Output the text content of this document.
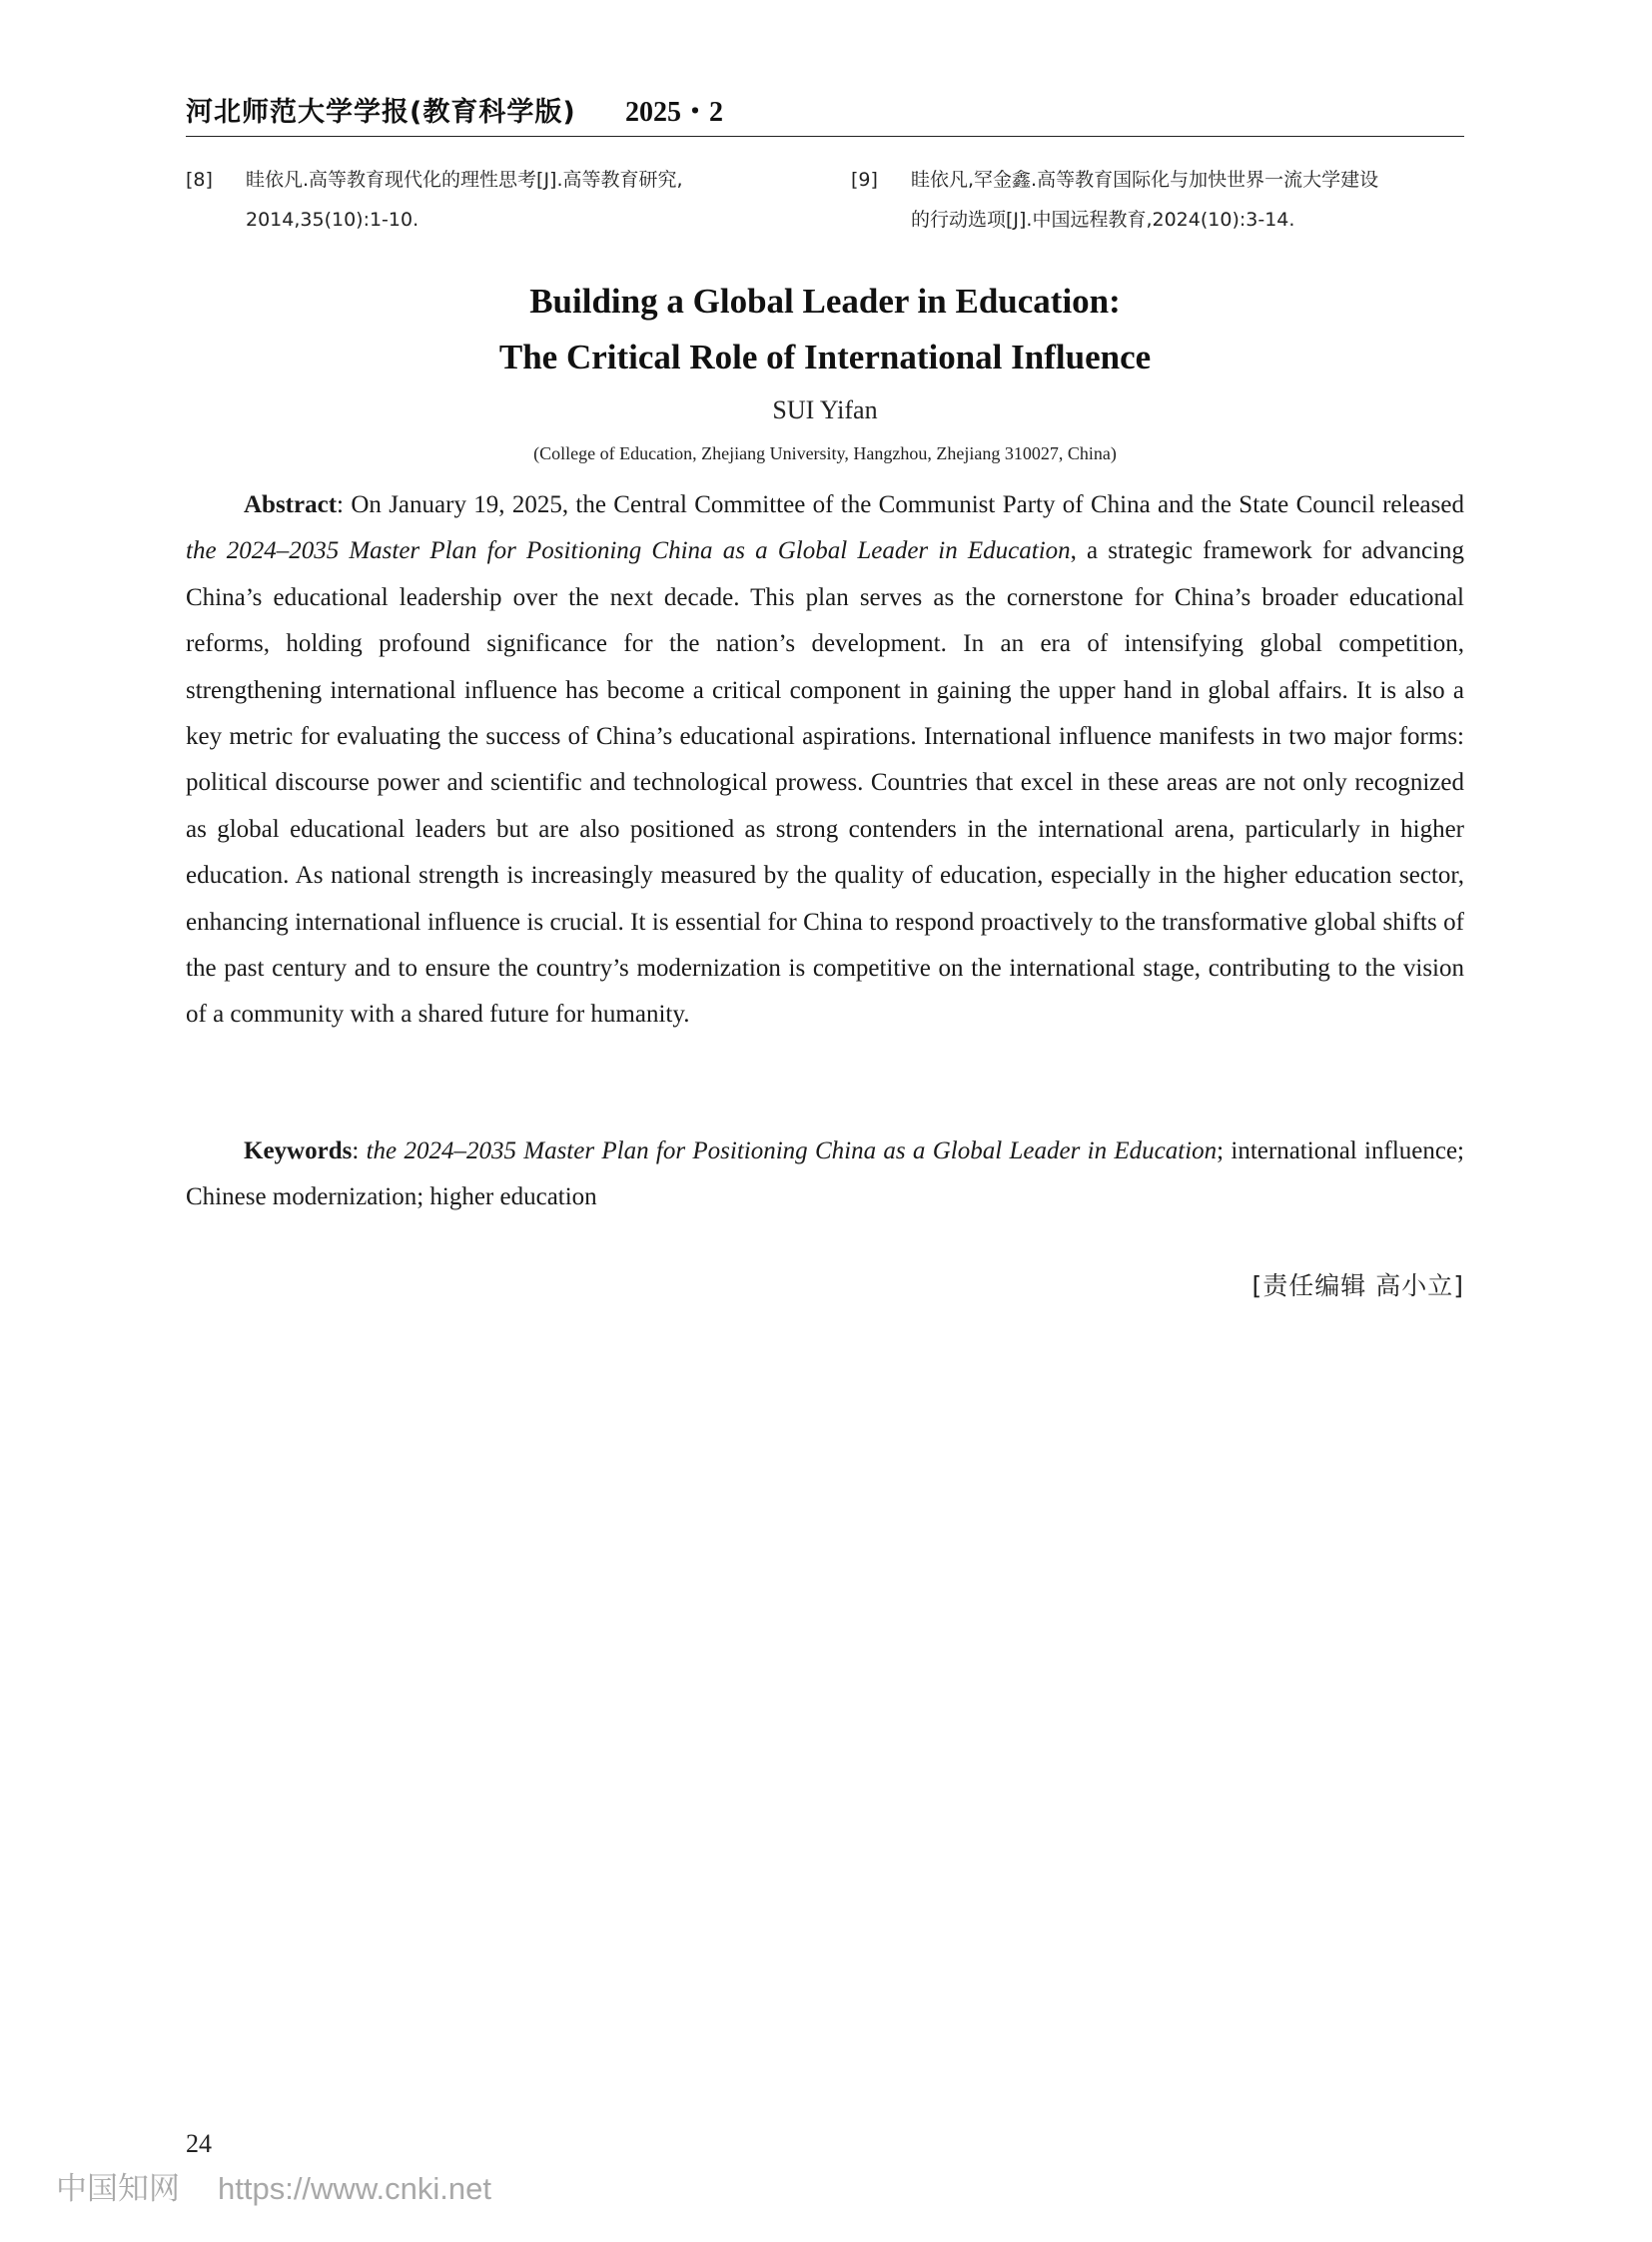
河北师范大学学报(教育科学版) 2025・2
[8] 眭依凡.高等教育现代化的理性思考[J].高等教育研究,
2014,35(10):1-10.
[9] 眭依凡,罕金鑫.高等教育国际化与加快世界一流大学建设
的行动选项[J].中国远程教育,2024(10):3-14.
Building a Global Leader in Education:
The Critical Role of International Influence
SUI Yifan
(College of Education, Zhejiang University, Hangzhou, Zhejiang 310027, China)
Abstract: On January 19, 2025, the Central Committee of the Communist Party of China and the State Council released the 2024–2035 Master Plan for Positioning China as a Global Leader in Education, a strategic framework for advancing China’s educational leadership over the next decade. This plan serves as the cornerstone for China’s broader educational reforms, holding profound significance for the nation’s development. In an era of intensifying global competition, strengthening international influence has become a critical component in gaining the upper hand in global affairs. It is also a key metric for evaluating the success of China’s educational aspirations. International influence manifests in two major forms: political discourse power and scientific and technological prowess. Countries that excel in these areas are not only recognized as global educational leaders but are also positioned as strong contenders in the international arena, particularly in higher education. As national strength is increasingly measured by the quality of education, especially in the higher education sector, enhancing international influence is crucial. It is essential for China to respond proactively to the transformative global shifts of the past century and to ensure the country’s modernization is competitive on the international stage, contributing to the vision of a community with a shared future for humanity.
Keywords: the 2024–2035 Master Plan for Positioning China as a Global Leader in Education; international influence; Chinese modernization; higher education
[责任编辑 高小立]
24
中国知网 https://www.cnki.net
